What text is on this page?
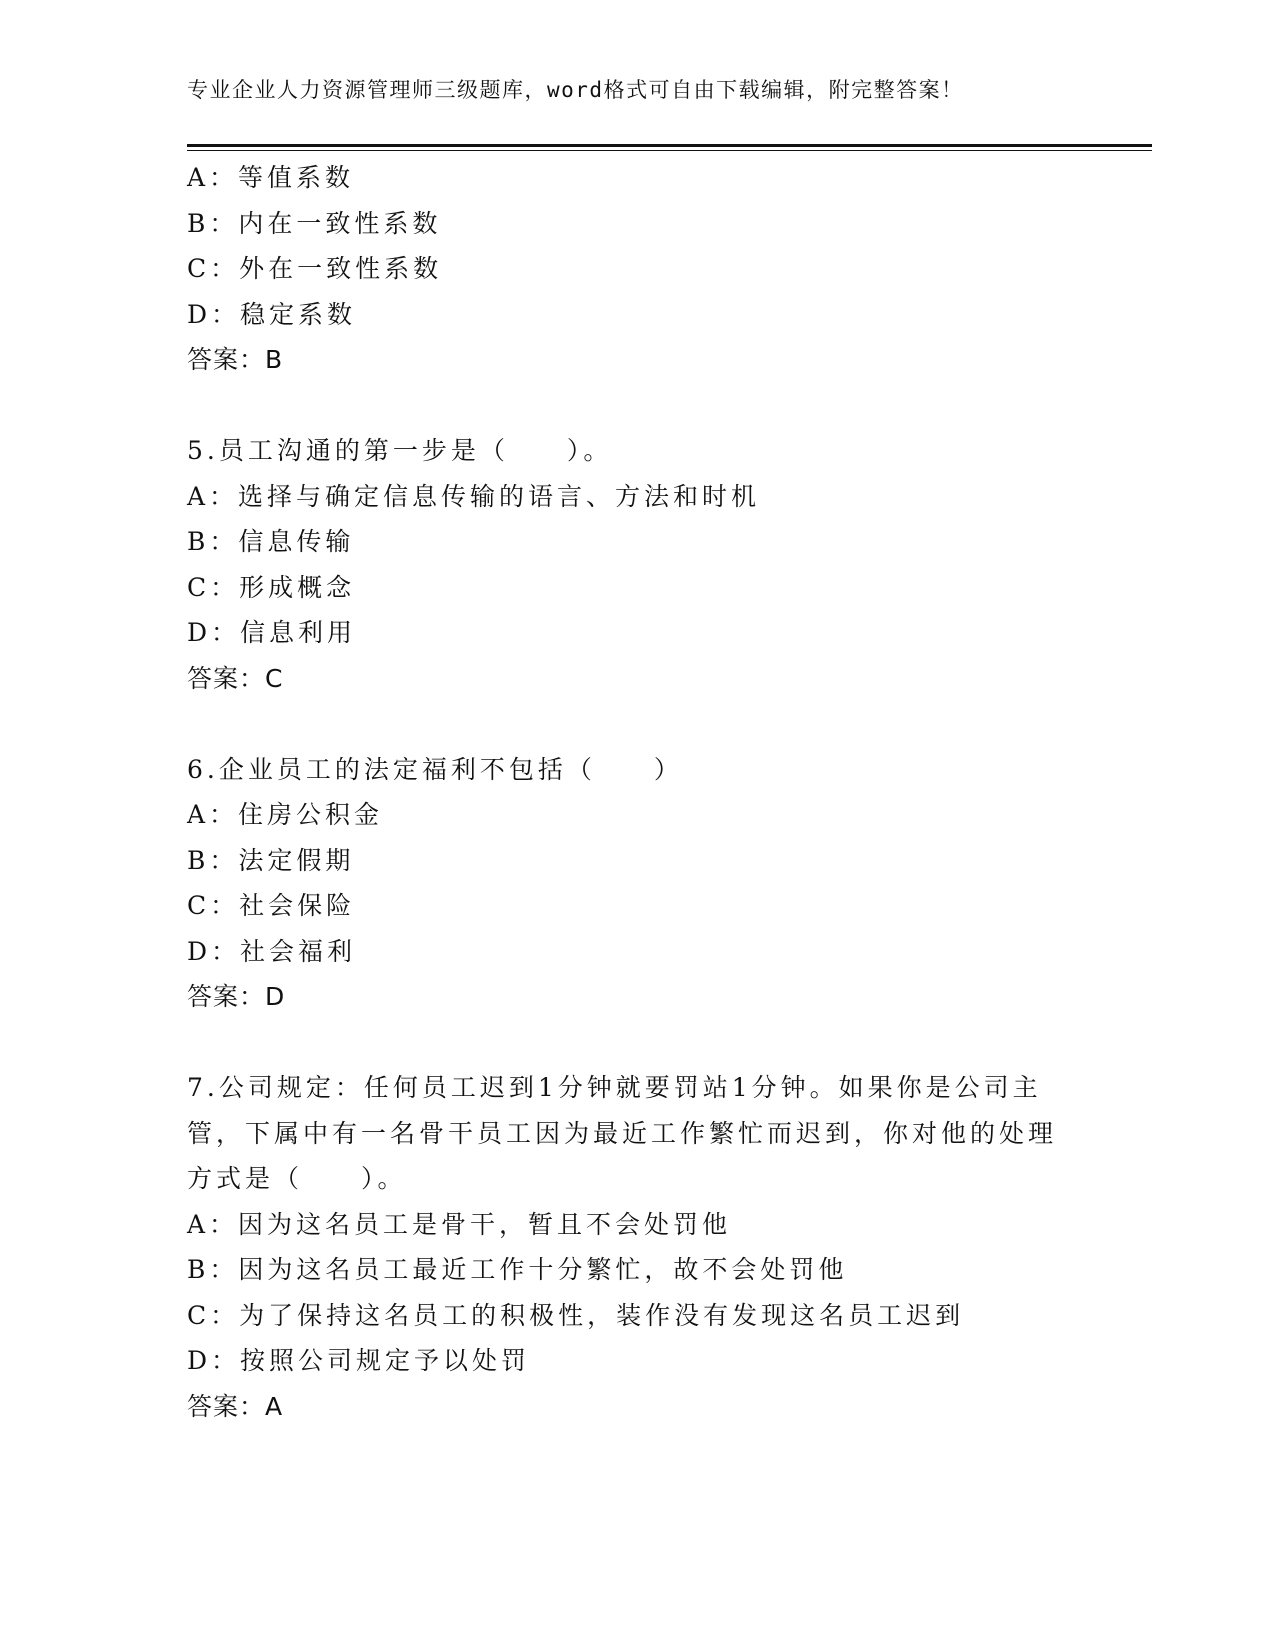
专业企业人力资源管理师三级题库，word格式可自由下载编辑，附完整答案！
A：等值系数
B：内在一致性系数
C：外在一致性系数
D：稳定系数
答案：B
5.员工沟通的第一步是（　　）。
A：选择与确定信息传输的语言、方法和时机
B：信息传输
C：形成概念
D：信息利用
答案：C
6.企业员工的法定福利不包括（　　）
A：住房公积金
B：法定假期
C：社会保险
D：社会福利
答案：D
7.公司规定：任何员工迟到1分钟就要罚站1分钟。如果你是公司主管，下属中有一名骨干员工因为最近工作繁忙而迟到，你对他的处理方式是（　　）。
A：因为这名员工是骨干，暂且不会处罚他
B：因为这名员工最近工作十分繁忙，故不会处罚他
C：为了保持这名员工的积极性，装作没有发现这名员工迟到
D：按照公司规定予以处罚
答案：A
